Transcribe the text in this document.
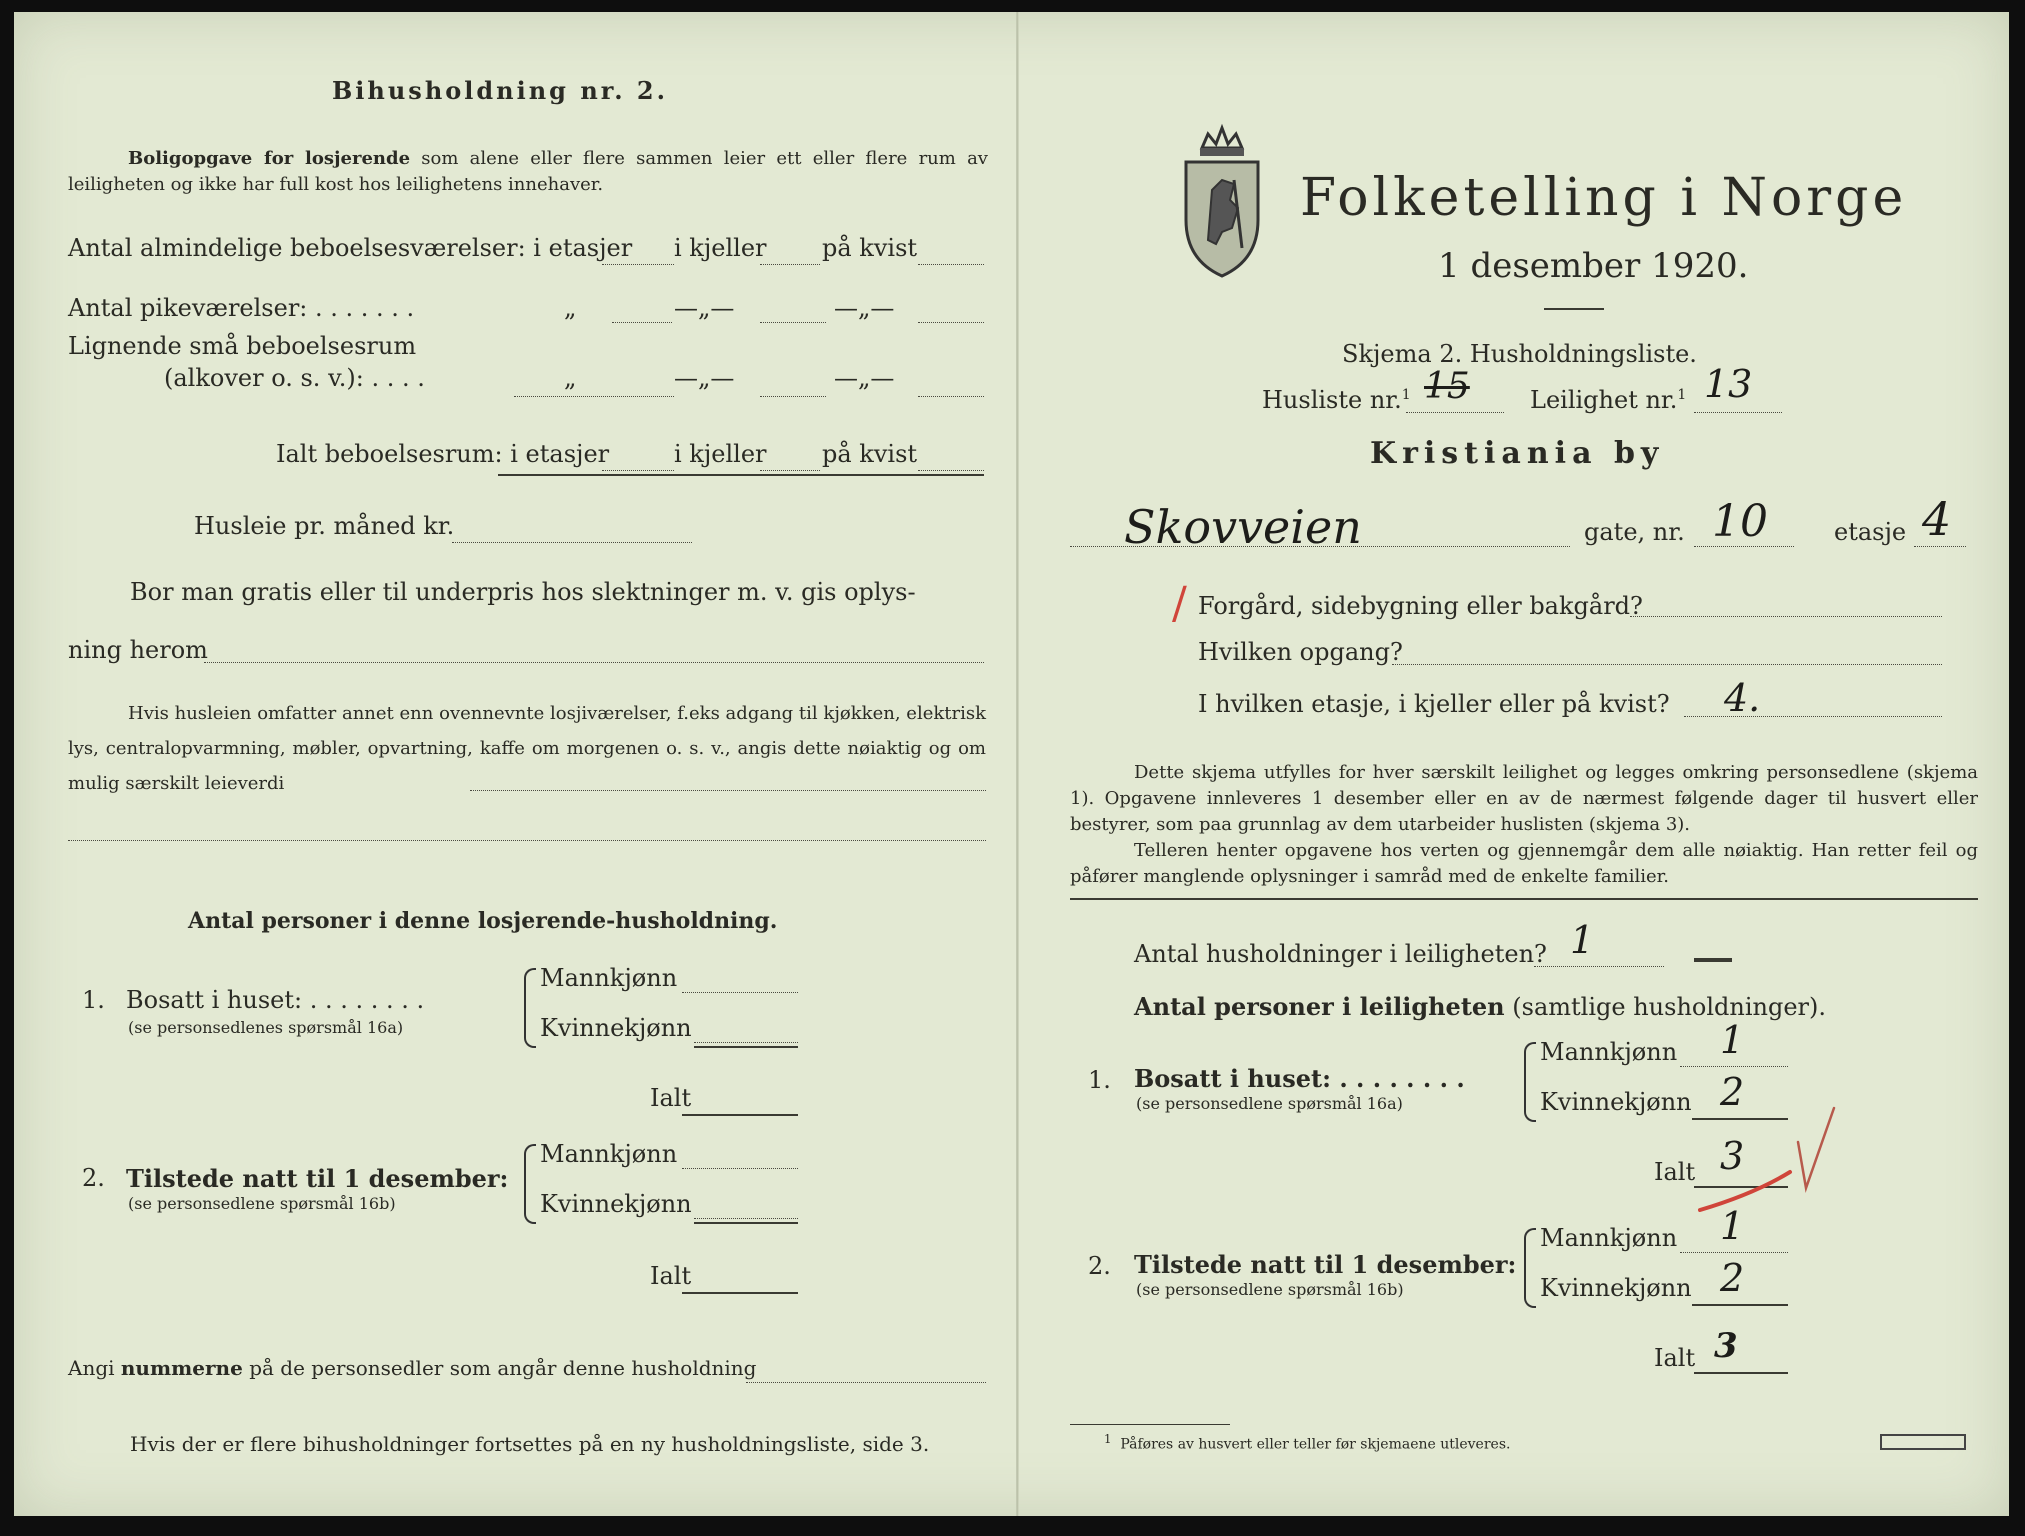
Bihusholdning nr. 2.

Boligopgave for losjerende som alene eller flere sammen leier ett eller flere rum av leiligheten og ikke har full kost hos leilighetens innehaver.

Antal almindelige beboelsesværelser: i etasjer i kjeller på kvist
Antal pikeværelser: . . . . . . .	„	—„—	—„—
Lignende små beboelsesrum
(alkover o. s. v.): . . . .	„	—„—	—„—
Ialt beboelsesrum: i etasjer	i kjeller på kvist
Husleie pr. måned kr.
Bor man gratis eller til underpris hos slektninger m. v. gis oplys-
ning herom

Hvis husleien omfatter annet enn ovennevnte losjiværelser, f.eks adgang til kjøkken, elektrisk lys, centralopvarmning, møbler, opvartning, kaffe om morgenen o. s. v., angis dette nøiaktig og om mulig særskilt leieverdi

Antal personer i denne losjerende-husholdning.
1. Bosatt i huset: . . . . . . . .
(se personsedlenes spørsmål 16a)
Mannkjønn
Kvinnekjønn
Ialt
2. Tilstede natt til 1 desember:
(se personsedlene spørsmål 16b)
Mannkjønn
Kvinnekjønn
Ialt
Angi nummerne på de personsedler som angår denne husholdning
Hvis der er flere bihusholdninger fortsettes på en ny husholdningsliste, side 3.
Folketelling i Norge
1 desember 1920.
Skjema 2. Husholdningsliste.
Husliste nr.$^1$ 15	Leilighet nr.$^1$ 13
Kristiania by
Skovveien	gate, nr. 10	etasje 4
/ Forgård, sidebygning eller bakgård?
Hvilken opgang?
I hvilken etasje, i kjeller eller på kvist? 4.

Dette skjema utfylles for hver særskilt leilighet og legges omkring personsedlene (skjema 1). Opgavene innleveres 1 desember eller en av de nærmest følgende dager til husvert eller bestyrer, som paa grunnlag av dem utarbeider huslisten (skjema 3).
Telleren henter opgavene hos verten og gjennemgår dem alle nøiaktig. Han retter feil og påfører manglende oplysninger i samråd med de enkelte familier.

Antal husholdninger i leiligheten? 1
Antal personer i leiligheten (samtlige husholdninger).
1. Bosatt i huset: . . . . . . . .
(se personsedlene spørsmål 16a)
Mannkjønn 1
Kvinnekjønn 2
Ialt 3
2. Tilstede natt til 1 desember:
(se personsedlene spørsmål 16b)
Mannkjønn 1
Kvinnekjønn 2
Ialt 3
$^1$ Påføres av husvert eller teller før skjemaene utleveres.
